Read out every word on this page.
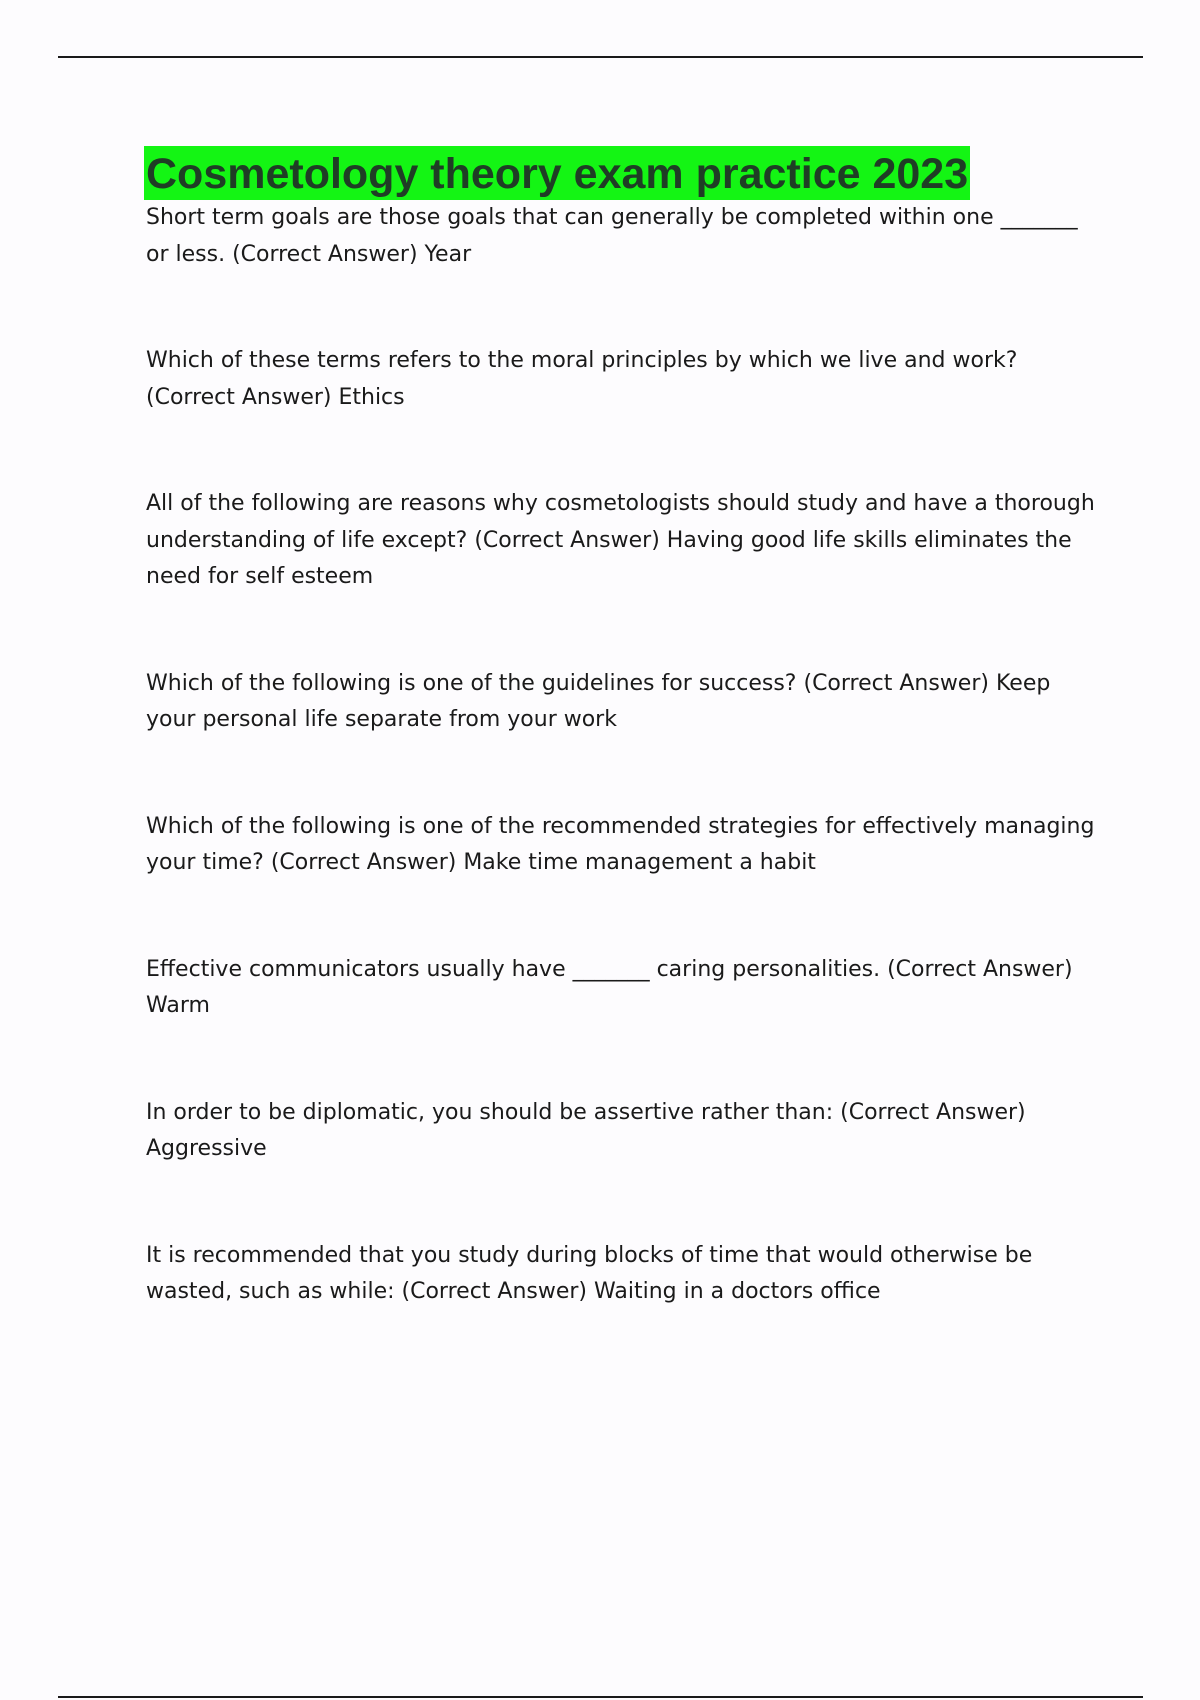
Cosmetology theory exam practice 2023
Short term goals are those goals that can generally be completed within one _______ or less. (Correct Answer) Year
Which of these terms refers to the moral principles by which we live and work? (Correct Answer) Ethics
All of the following are reasons why cosmetologists should study and have a thorough understanding of life except? (Correct Answer) Having good life skills eliminates the need for self esteem
Which of the following is one of the guidelines for success? (Correct Answer) Keep your personal life separate from your work
Which of the following is one of the recommended strategies for effectively managing your time? (Correct Answer) Make time management a habit
Effective communicators usually have _______ caring personalities. (Correct Answer) Warm
In order to be diplomatic, you should be assertive rather than: (Correct Answer) Aggressive
It is recommended that you study during blocks of time that would otherwise be wasted, such as while: (Correct Answer) Waiting in a doctors office
